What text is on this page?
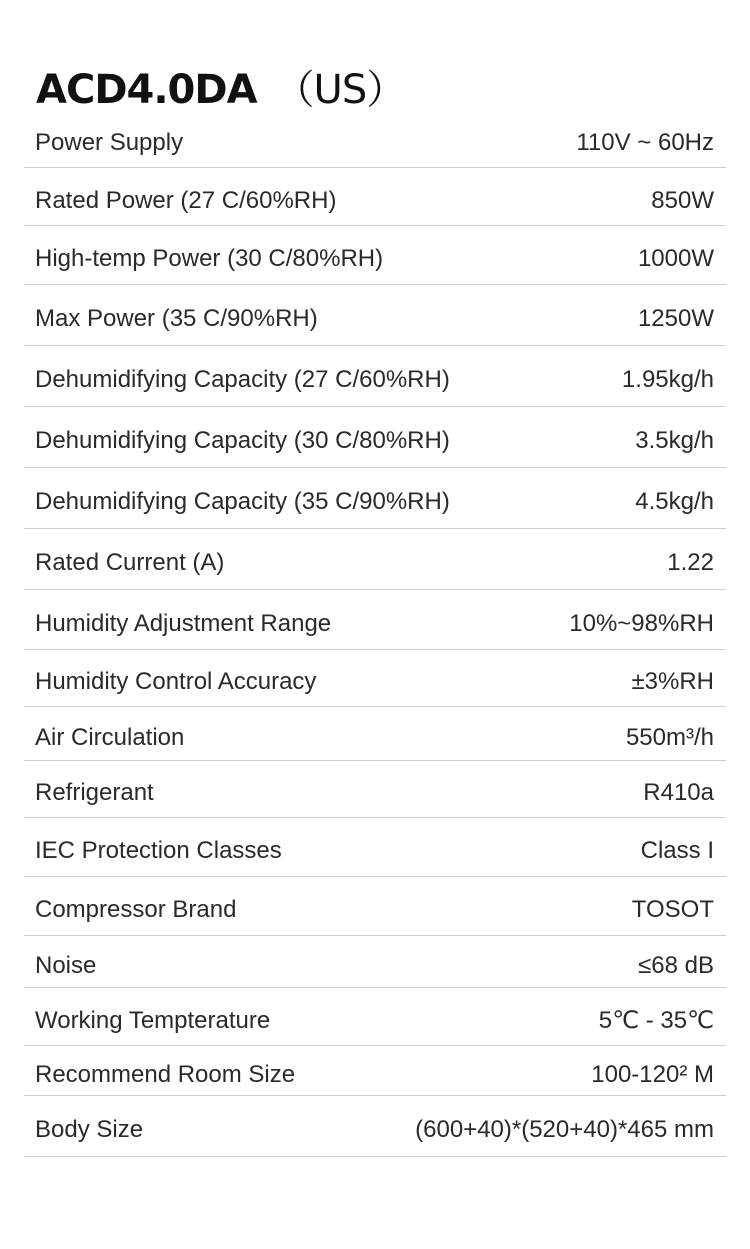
ACD4.0DA （US）
Power Supply	110V ~ 60Hz
Rated Power (27 C/60%RH)	850W
High-temp Power (30 C/80%RH)	1000W
Max Power (35 C/90%RH)	1250W
Dehumidifying Capacity (27 C/60%RH)	1.95kg/h
Dehumidifying Capacity (30 C/80%RH)	3.5kg/h
Dehumidifying Capacity (35 C/90%RH)	4.5kg/h
Rated Current (A)	1.22
Humidity Adjustment Range	10%~98%RH
Humidity Control Accuracy	±3%RH
Air Circulation	550m³/h
Refrigerant	R410a
IEC Protection Classes	Class I
Compressor Brand	TOSOT
Noise	≤68 dB
Working Tempterature	5℃ - 35℃
Recommend Room Size	100-120² M
Body Size	(600+40)*(520+40)*465 mm
